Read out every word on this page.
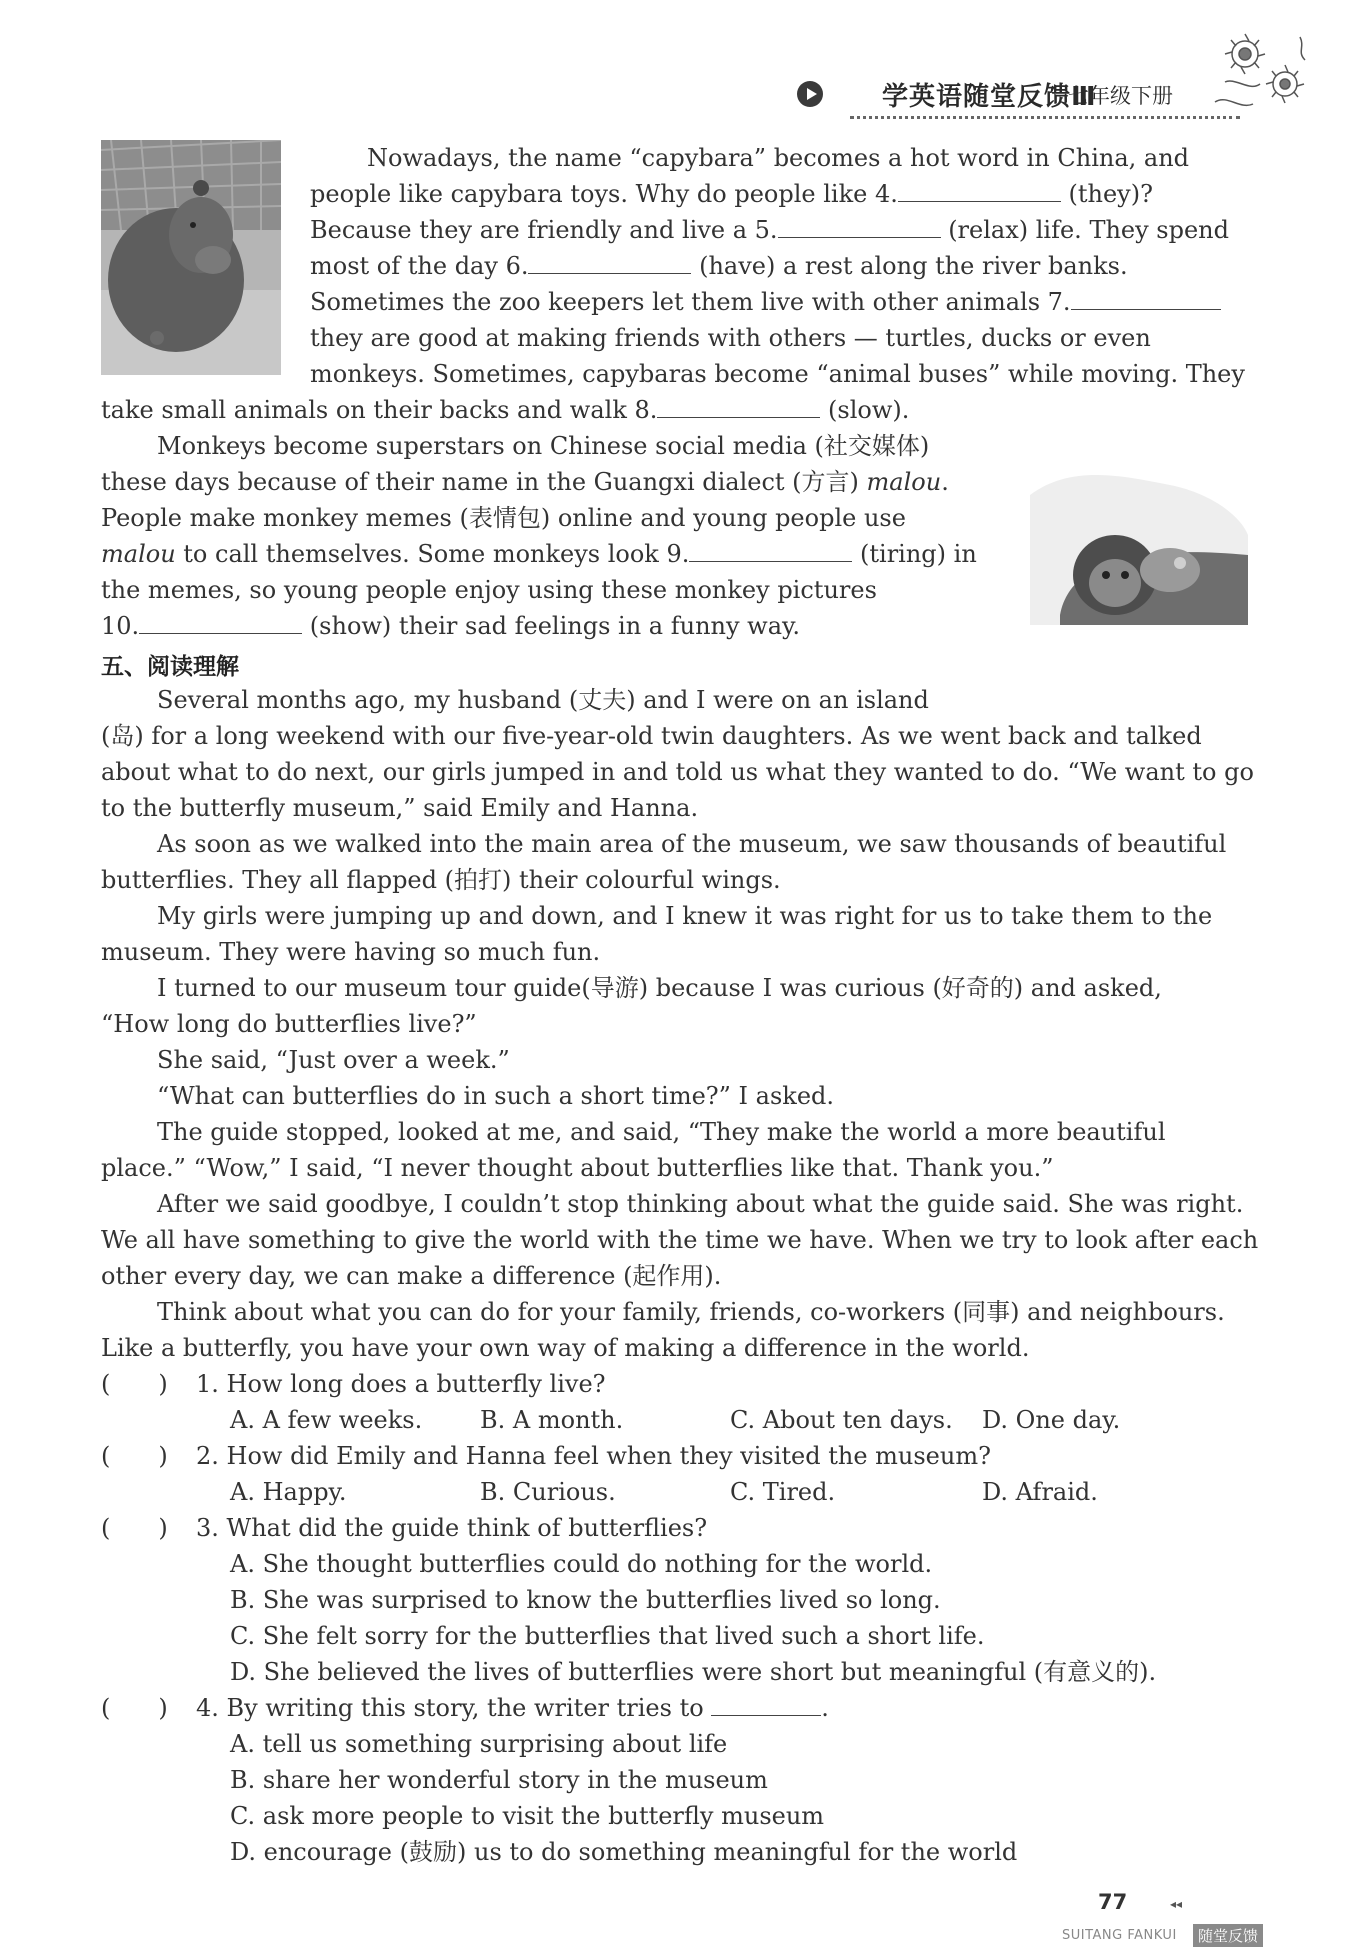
学英语随堂反馈Ⅲ
七年级下册
Nowadays, the name “capybara” becomes a hot word in China, and
people like capybara toys. Why do people like 4.	(they)?
Because they are friendly and live a 5.	(relax) life. They spend
most of the day 6.	(have) a rest along the river banks.
Sometimes the zoo keepers let them live with other animals 7.
they are good at making friends with others — turtles, ducks or even
monkeys. Sometimes, capybaras become “animal buses” while moving. They
take small animals on their backs and walk 8.	(slow).
Monkeys become superstars on Chinese social media (社交媒体)
these days because of their name in the Guangxi dialect (方言) malou.
People make monkey memes (表情包) online and young people use
malou to call themselves. Some monkeys look 9.	(tiring) in
the memes, so young people enjoy using these monkey pictures
10.	(show) their sad feelings in a funny way.
五、阅读理解
Several months ago, my husband (丈夫) and I were on an island
(岛) for a long weekend with our five-year-old twin daughters. As we went back and talked
about what to do next, our girls jumped in and told us what they wanted to do. “We want to go
to the butterfly museum,” said Emily and Hanna.
As soon as we walked into the main area of the museum, we saw thousands of beautiful
butterflies. They all flapped (拍打) their colourful wings.
My girls were jumping up and down, and I knew it was right for us to take them to the
museum. They were having so much fun.
I turned to our museum tour guide(导游) because I was curious (好奇的) and asked,
“How long do butterflies live?”
She said, “Just over a week.”
“What can butterflies do in such a short time?” I asked.
The guide stopped, looked at me, and said, “They make the world a more beautiful
place.” “Wow,” I said, “I never thought about butterflies like that. Thank you.”
After we said goodbye, I couldn’t stop thinking about what the guide said. She was right.
We all have something to give the world with the time we have. When we try to look after each
other every day, we can make a difference (起作用).
Think about what you can do for your family, friends, co-workers (同事) and neighbours.
Like a butterfly, you have your own way of making a difference in the world.
(  ) 1. How long does a butterfly live?
A. A few weeks. B. A month.	C. About ten days. D. One day.
(  ) 2. How did Emily and Hanna feel when they visited the museum?
A. Happy.	B. Curious.	C. Tired.	D. Afraid.
(  ) 3. What did the guide think of butterflies?
A. She thought butterflies could do nothing for the world.
B. She was surprised to know the butterflies lived so long.
C. She felt sorry for the butterflies that lived such a short life.
D. She believed the lives of butterflies were short but meaningful (有意义的).
(  ) 4. By writing this story, the writer tries to	.
A. tell us something surprising about life
B. share her wonderful story in the museum
C. ask more people to visit the butterfly museum
D. encourage (鼓励) us to do something meaningful for the world
77	◂◂
SUITANG FANKUI	随堂反馈
